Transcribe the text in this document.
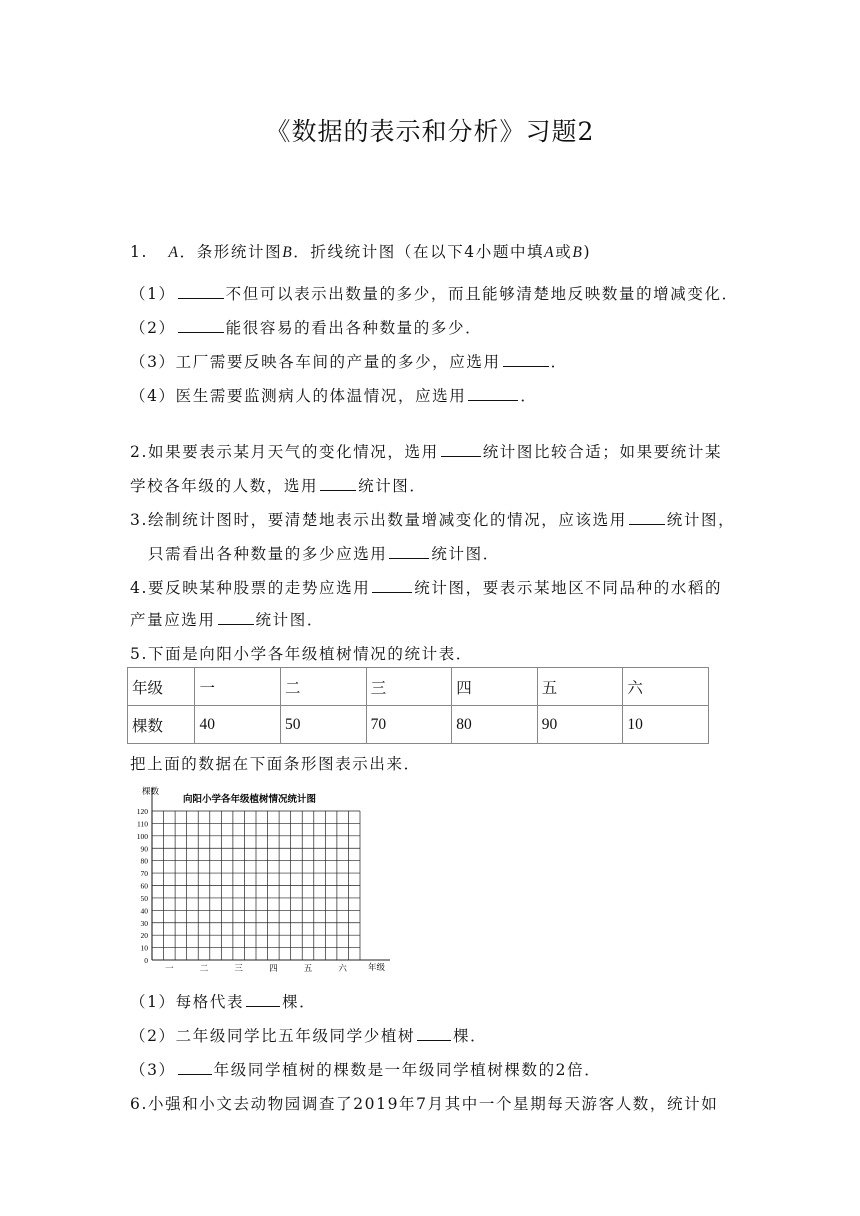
《数据的表示和分析》习题2
1. A．条形统计图B．折线统计图（在以下4小题中填A或B)
（1）	不但可以表示出数量的多少，而且能够清楚地反映数量的增减变化．
（2）	能很容易的看出各种数量的多少．
（3）工厂需要反映各车间的产量的多少，应选用	．
（4）医生需要监测病人的体温情况，应选用	．
2.如果要表示某月天气的变化情况，选用	统计图比较合适；如果要统计某
学校各年级的人数，选用	统计图．
3.绘制统计图时，要清楚地表示出数量增减变化的情况，应该选用	统计图，
只需看出各种数量的多少应选用	统计图．
4.要反映某种股票的走势应选用	统计图，要表示某地区不同品种的水稻的
产量应选用	统计图．
5.下面是向阳小学各年级植树情况的统计表．
年级	一	二	三	四	五	六
棵数	40	50	70	80	90	10
把上面的数据在下面条形图表示出来．
0
10
20
30
40
50
60
70
80
90
100
110
120
一	二	三	四	五	六
向阳小学各年级植树情况统计图
棵数
年级
（1）每格代表 棵．
（2）二年级同学比五年级同学少植树 棵．
（3） 年级同学植树的棵数是一年级同学植树棵数的2倍．
6.小强和小文去动物园调查了2019年7月其中一个星期每天游客人数，统计如
